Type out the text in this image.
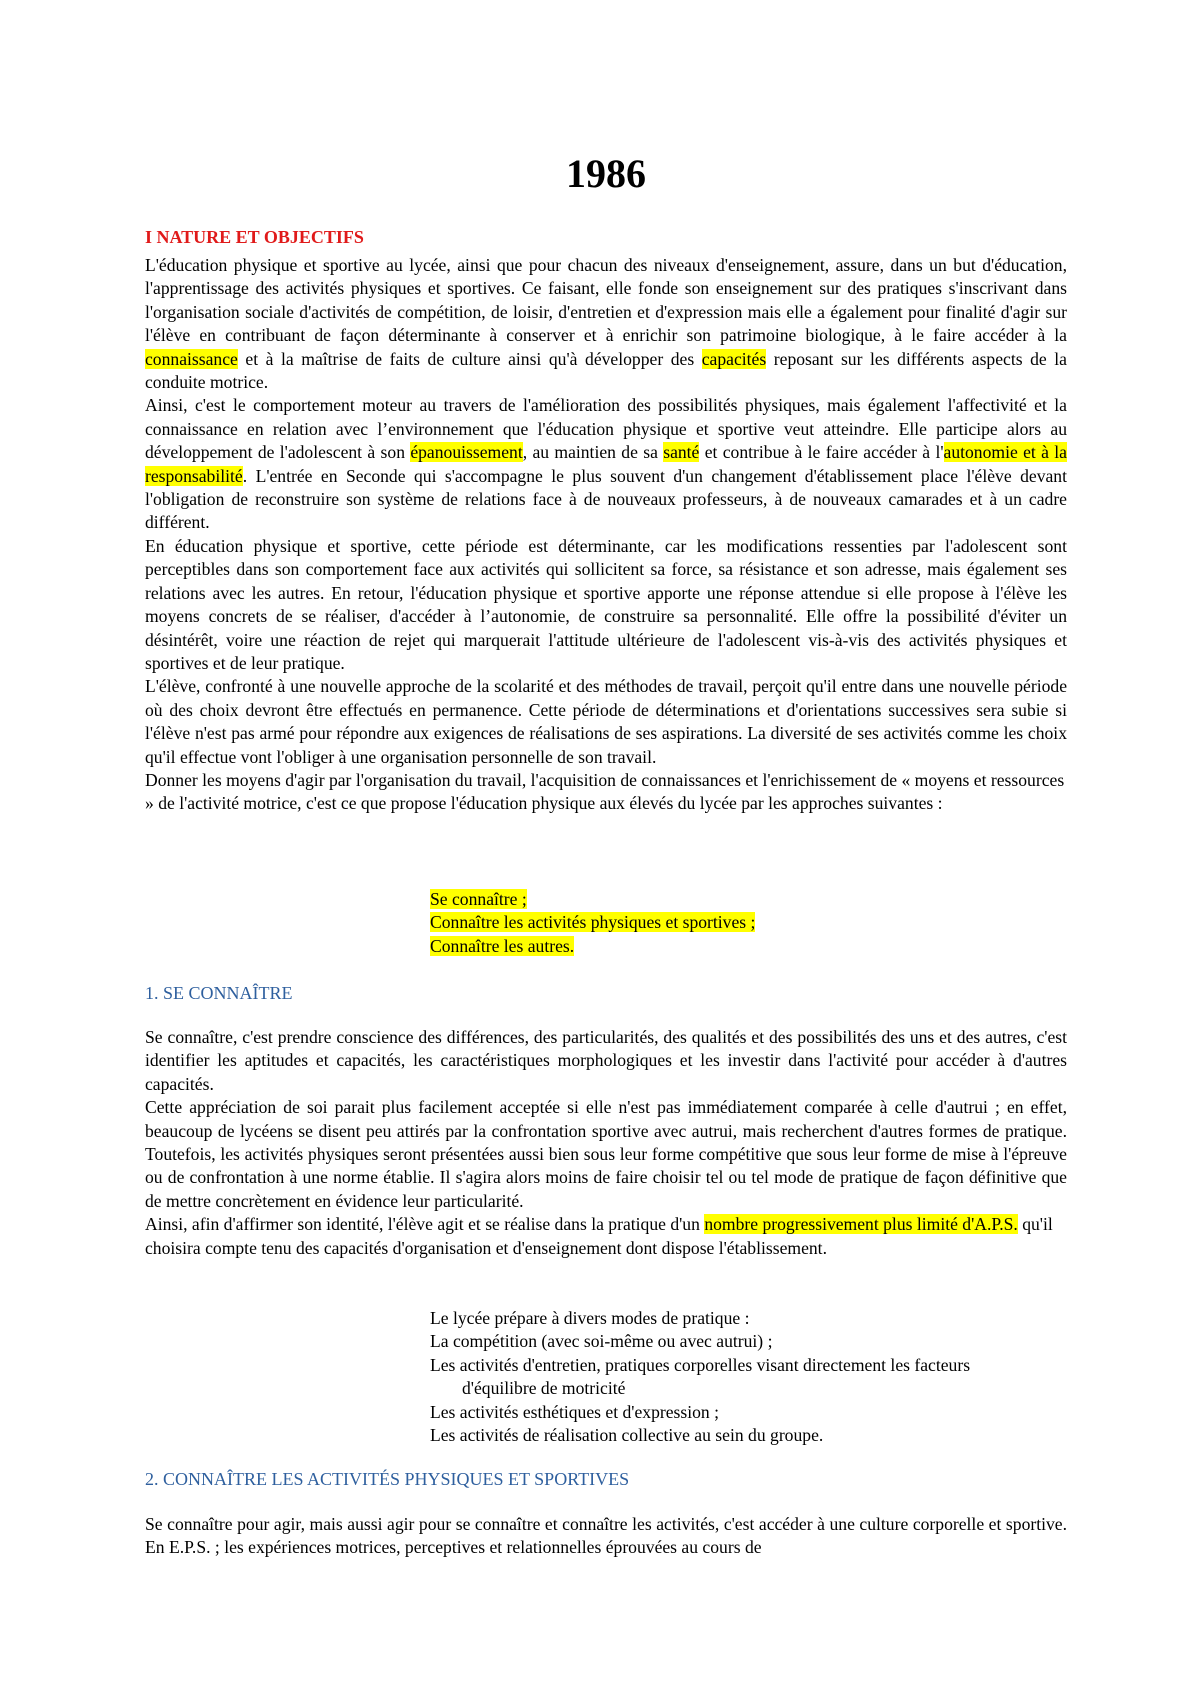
1986
I NATURE ET OBJECTIFS

L'éducation physique et sportive au lycée, ainsi que pour chacun des niveaux d'enseignement, assure, dans un but d'éducation, l'apprentissage des activités physiques et sportives. Ce faisant, elle fonde son enseignement sur des pratiques s'inscrivant dans l'organisation sociale d'activités de compétition, de loisir, d'entretien et d'expression mais elle a également pour finalité d'agir sur l'élève en contribuant de façon déterminante à conserver et à enrichir son patrimoine biologique, à le faire accéder à la connaissance et à la maîtrise de faits de culture ainsi qu'à développer des capacités reposant sur les différents aspects de la conduite motrice.

Ainsi, c'est le comportement moteur au travers de l'amélioration des possibilités physiques, mais également l'affectivité et la connaissance en relation avec l’environnement que l'éducation physique et sportive veut atteindre. Elle participe alors au développement de l'adolescent à son épanouissement, au maintien de sa santé et contribue à le faire accéder à l'autonomie et à la responsabilité. L'entrée en Seconde qui s'accompagne le plus souvent d'un changement d'établissement place l'élève devant l'obligation de reconstruire son système de relations face à de nouveaux professeurs, à de nouveaux camarades et à un cadre différent.

En éducation physique et sportive, cette période est déterminante, car les modifications ressenties par l'adolescent sont perceptibles dans son comportement face aux activités qui sollicitent sa force, sa résistance et son adresse, mais également ses relations avec les autres. En retour, l'éducation physique et sportive apporte une réponse attendue si elle propose à l'élève les moyens concrets de se réaliser, d'accéder à l’autonomie, de construire sa personnalité. Elle offre la possibilité d'éviter un désintérêt, voire une réaction de rejet qui marquerait l'attitude ultérieure de l'adolescent vis-à-vis des activités physiques et sportives et de leur pratique.

L'élève, confronté à une nouvelle approche de la scolarité et des méthodes de travail, perçoit qu'il entre dans une nouvelle période où des choix devront être effectués en permanence. Cette période de déterminations et d'orientations successives sera subie si l'élève n'est pas armé pour répondre aux exigences de réalisations de ses aspirations. La diversité de ses activités comme les choix qu'il effectue vont l'obliger à une organisation personnelle de son travail.

Donner les moyens d'agir par l'organisation du travail, l'acquisition de connaissances et l'enrichissement de « moyens et ressources » de l'activité motrice, c'est ce que propose l'éducation physique aux élevés du lycée par les approches suivantes :

Se connaître ;
Connaître les activités physiques et sportives ;
Connaître les autres.
1. SE CONNAÎTRE

Se connaître, c'est prendre conscience des différences, des particularités, des qualités et des possibilités des uns et des autres, c'est identifier les aptitudes et capacités, les caractéristiques morphologiques et les investir dans l'activité pour accéder à d'autres capacités.

Cette appréciation de soi parait plus facilement acceptée si elle n'est pas immédiatement comparée à celle d'autrui ; en effet, beaucoup de lycéens se disent peu attirés par la confrontation sportive avec autrui, mais recherchent d'autres formes de pratique. Toutefois, les activités physiques seront présentées aussi bien sous leur forme compétitive que sous leur forme de mise à l'épreuve ou de confrontation à une norme établie. Il s'agira alors moins de faire choisir tel ou tel mode de pratique de façon définitive que de mettre concrètement en évidence leur particularité.

Ainsi, afin d'affirmer son identité, l'élève agit et se réalise dans la pratique d'un nombre progressivement plus limité d'A.P.S. qu'il choisira compte tenu des capacités d'organisation et d'enseignement dont dispose l'établissement.

Le lycée prépare à divers modes de pratique :
La compétition (avec soi-même ou avec autrui) ;
Les activités d'entretien, pratiques corporelles visant directement les facteurs
d'équilibre de motricité
Les activités esthétiques et d'expression ;
Les activités de réalisation collective au sein du groupe.
2. CONNAÎTRE LES ACTIVITÉS PHYSIQUES ET SPORTIVES

Se connaître pour agir, mais aussi agir pour se connaître et connaître les activités, c'est accéder à une culture corporelle et sportive. En E.P.S. ; les expériences motrices, perceptives et relationnelles éprouvées au cours de
